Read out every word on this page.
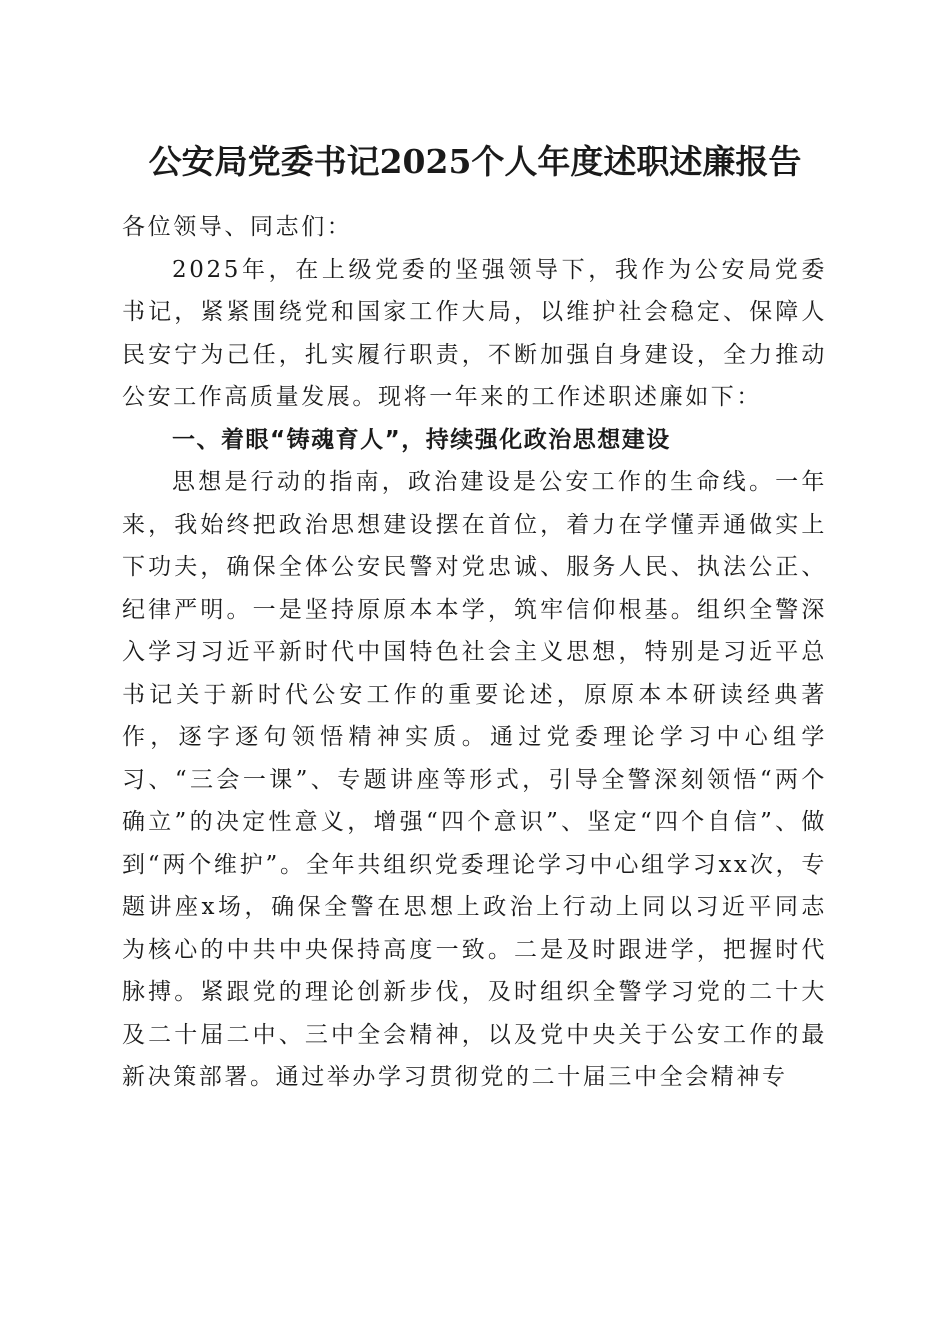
公安局党委书记2025个人年度述职述廉报告

各位领导、同志们：

2025年，在上级党委的坚强领导下，我作为公安局党委书记，紧紧围绕党和国家工作大局，以维护社会稳定、保障人民安宁为己任，扎实履行职责，不断加强自身建设，全力推动公安工作高质量发展。现将一年来的工作述职述廉如下：

一、着眼“铸魂育人”，持续强化政治思想建设

思想是行动的指南，政治建设是公安工作的生命线。一年来，我始终把政治思想建设摆在首位，着力在学懂弄通做实上下功夫，确保全体公安民警对党忠诚、服务人民、执法公正、纪律严明。一是坚持原原本本学，筑牢信仰根基。组织全警深入学习习近平新时代中国特色社会主义思想，特别是习近平总书记关于新时代公安工作的重要论述，原原本本研读经典著作，逐字逐句领悟精神实质。通过党委理论学习中心组学习、“三会一课”、专题讲座等形式，引导全警深刻领悟“两个确立”的决定性意义，增强“四个意识”、坚定“四个自信”、做到“两个维护”。全年共组织党委理论学习中心组学习xx次，专题讲座x场，确保全警在思想上政治上行动上同以习近平同志为核心的中共中央保持高度一致。二是及时跟进学，把握时代脉搏。紧跟党的理论创新步伐，及时组织全警学习党的二十大及二十届二中、三中全会精神，以及党中央关于公安工作的最新决策部署。通过举办学习贯彻党的二十届三中全会精神专
